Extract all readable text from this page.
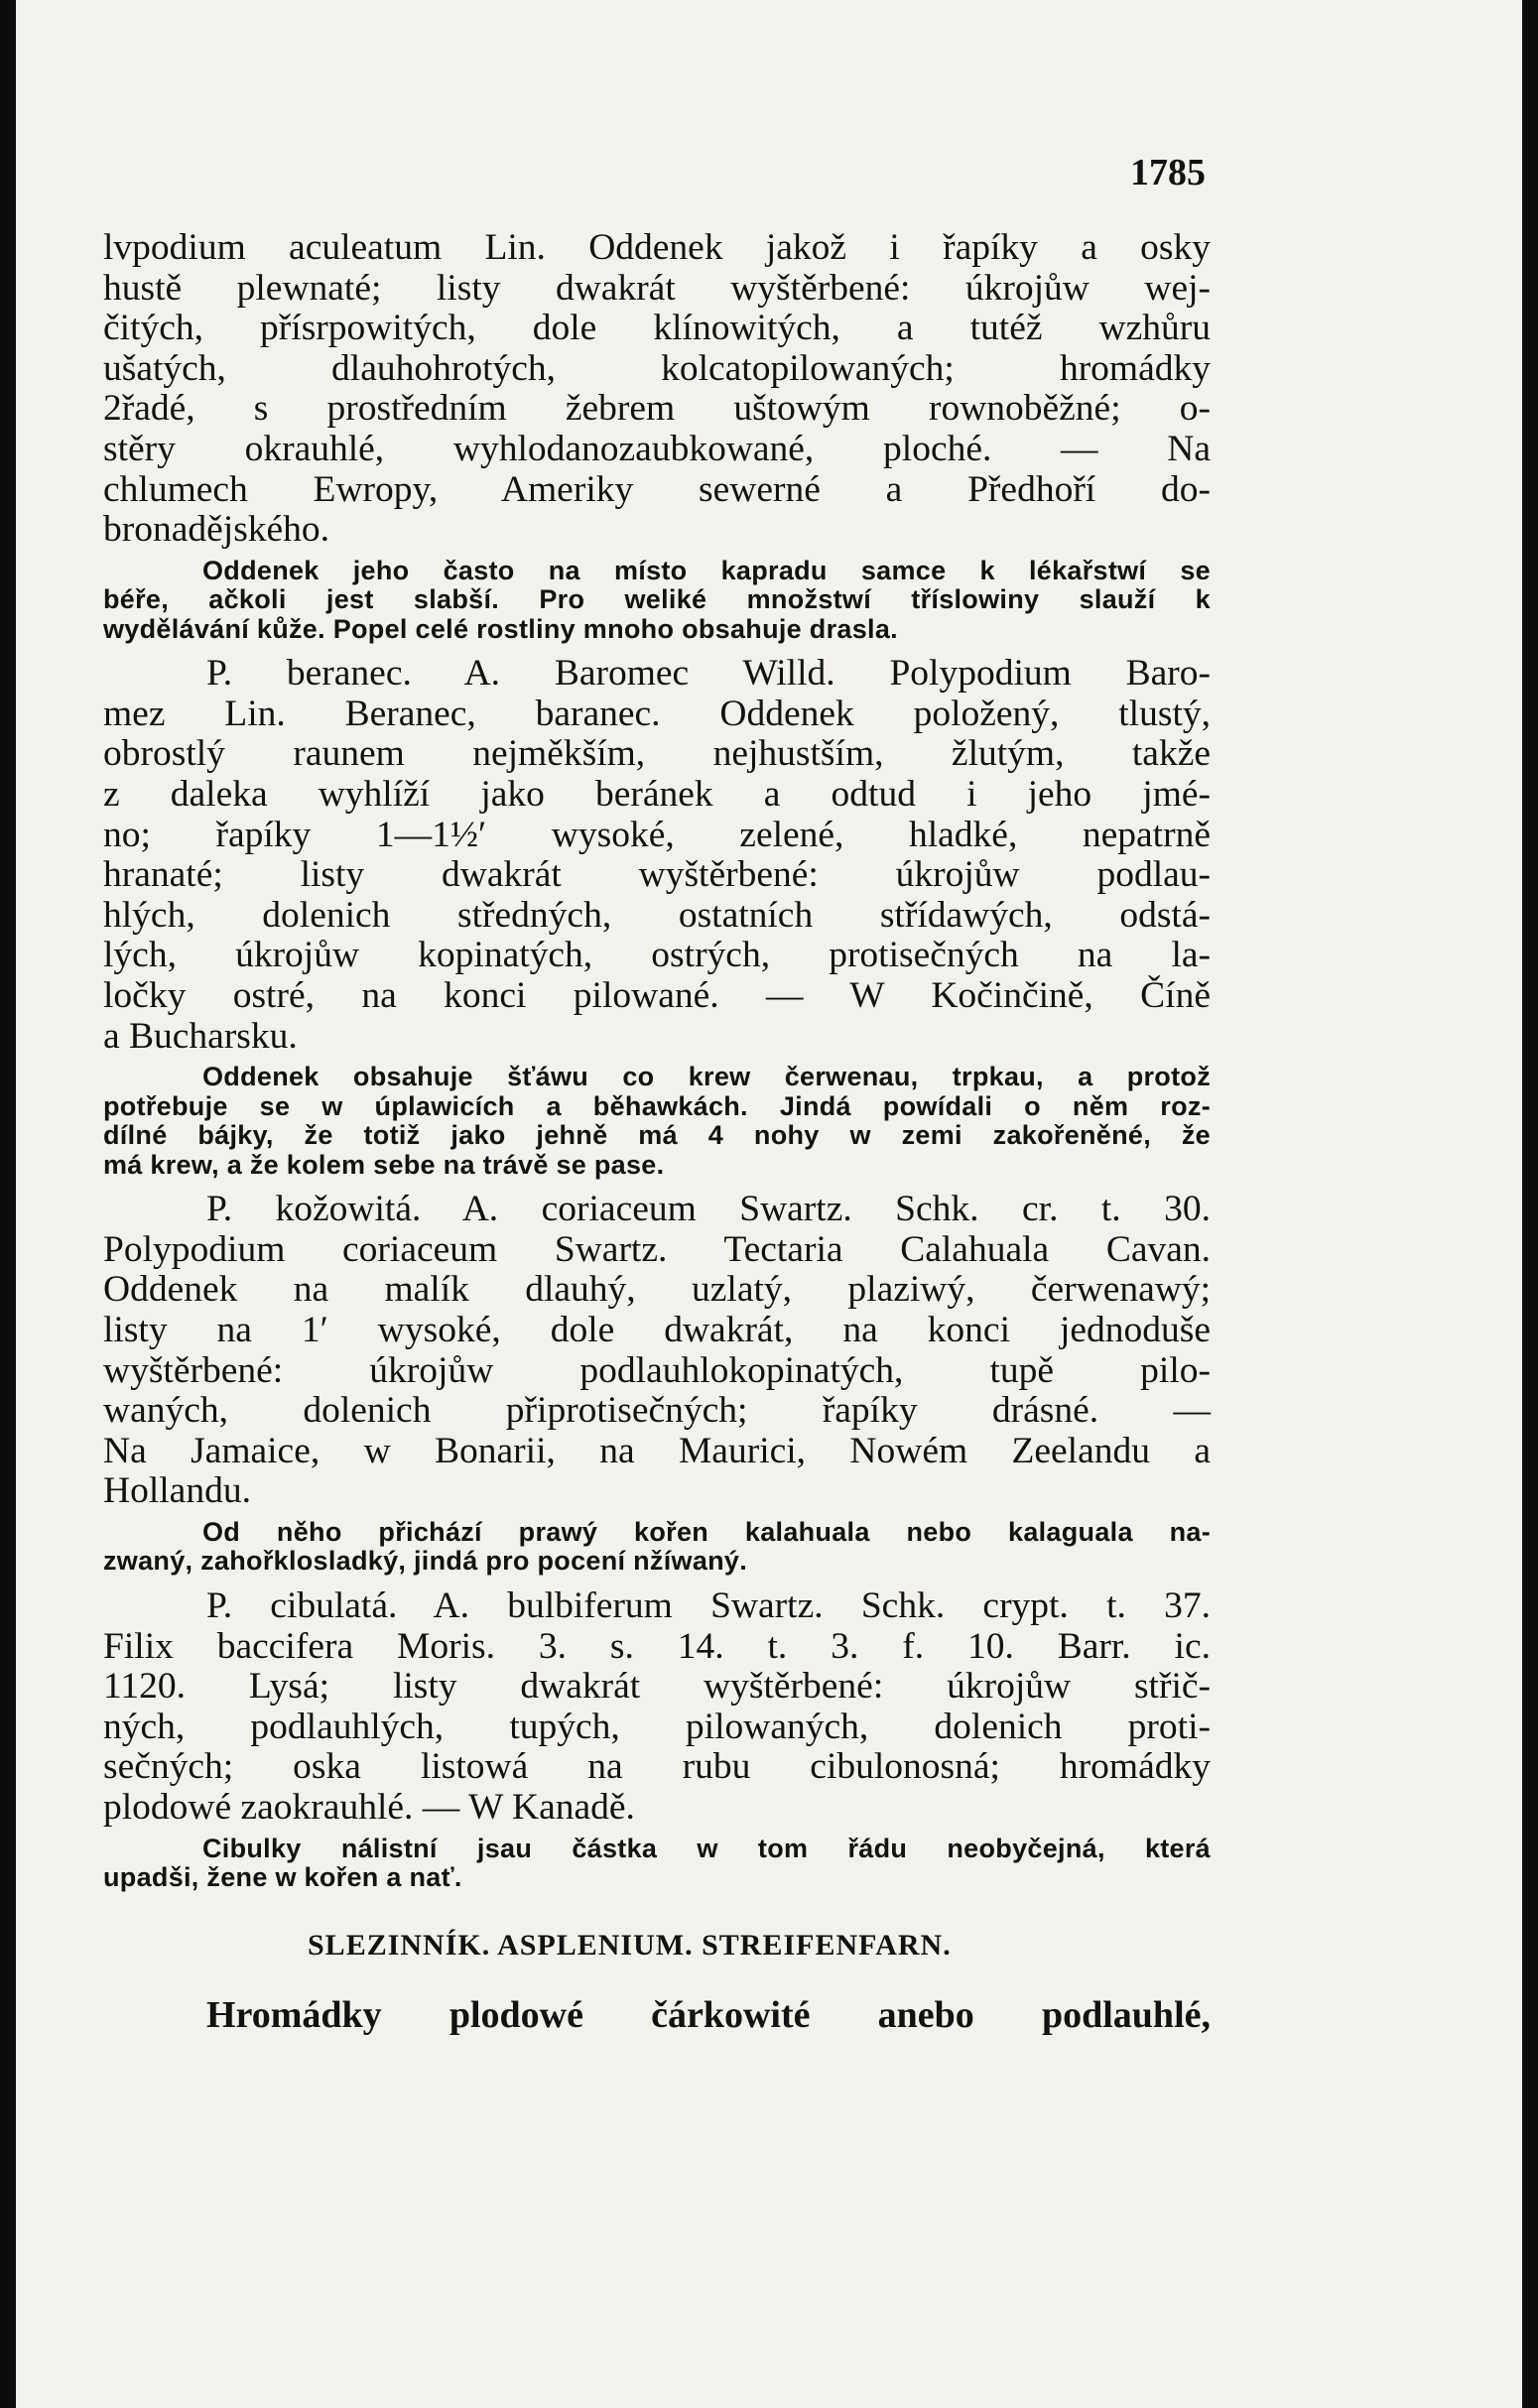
1785
lvpodium aculeatum Lin. Oddenek jakož i řapíky a osky
hustě plewnaté; listy dwakrát wyštěrbené: úkrojůw wej-
čitých, přísrpowitých, dole klínowitých, a tutéž wzhůru
ušatých, dlauhohrotých, kolcatopilowaných; hromádky
2řadé, s prostředním žebrem uštowým rownoběžné; o-
stěry okrauhlé, wyhlodanozaubkowané, ploché. — Na
chlumech Ewropy, Ameriky sewerné a Předhoří do-
bronadějského.
Oddenek jeho často na místo kapradu samce k lékařstwí se
béře, ačkoli jest slabší. Pro weliké množstwí tříslowiny slauží k
wydělávání kůže. Popel celé rostliny mnoho obsahuje drasla.
P. beranec. A. Baromec Willd. Polypodium Baro-
mez Lin. Beranec, baranec. Oddenek položený, tlustý,
obrostlý raunem nejměkším, nejhustším, žlutým, takže
z daleka wyhlíží jako beránek a odtud i jeho jmé-
no; řapíky 1—1½′ wysoké, zelené, hladké, nepatrně
hranaté; listy dwakrát wyštěrbené: úkrojůw podlau-
hlých, dolenich středných, ostatních střídawých, odstá-
lých, úkrojůw kopinatých, ostrých, protisečných na la-
ločky ostré, na konci pilowané. — W Kočinčině, Číně
a Bucharsku.
Oddenek obsahuje šťáwu co krew čerwenau, trpkau, a protož
potřebuje se w úplawicích a běhawkách. Jindá powídali o něm roz-
dílné bájky, že totiž jako jehně má 4 nohy w zemi zakořeněné, že
má krew, a že kolem sebe na trávě se pase.
P. kožowitá. A. coriaceum Swartz. Schk. cr. t. 30.
Polypodium coriaceum Swartz. Tectaria Calahuala Cavan.
Oddenek na malík dlauhý, uzlatý, plaziwý, čerwenawý;
listy na 1′ wysoké, dole dwakrát, na konci jednoduše
wyštěrbené: úkrojůw podlauhlokopinatých, tupě pilo-
waných, dolenich připrotisečných; řapíky drásné. —
Na Jamaice, w Bonarii, na Maurici, Nowém Zeelandu a
Hollandu.
Od něho přichází prawý kořen kalahuala nebo kalaguala na-
zwaný, zahořklosladký, jindá pro pocení nžíwaný.
P. cibulatá. A. bulbiferum Swartz. Schk. crypt. t. 37.
Filix baccifera Moris. 3. s. 14. t. 3. f. 10. Barr. ic.
1120. Lysá; listy dwakrát wyštěrbené: úkrojůw střič-
ných, podlauhlých, tupých, pilowaných, dolenich proti-
sečných; oska listowá na rubu cibulonosná; hromádky
plodowé zaokrauhlé. — W Kanadě.
Cibulky nálistní jsau částka w tom řádu neobyčejná, která
upadši, žene w kořen a nať.
SLEZINNÍK. ASPLENIUM. STREIFENFARN.
Hromádky plodowé čárkowité anebo podlauhlé,
